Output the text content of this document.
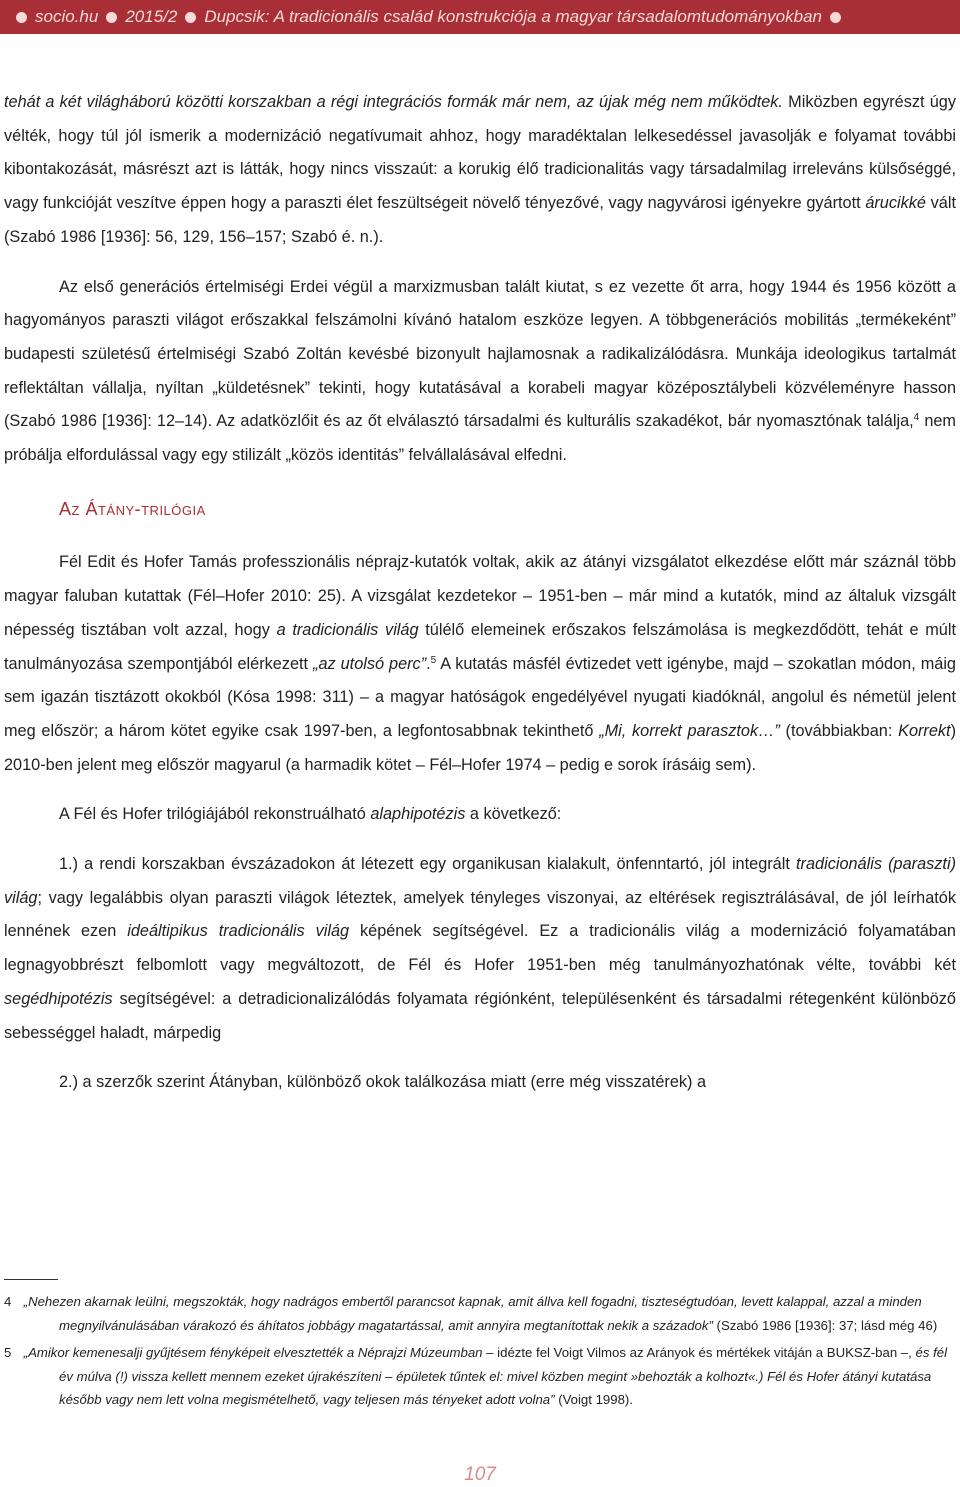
socio.hu 2015/2 Dupcsik: A tradicionális család konstrukciója a magyar társadalomtudományokban

tehát a két világháború közötti korszakban a régi integrációs formák már nem, az újak még nem működtek. Miközben egyrészt úgy vélték, hogy túl jól ismerik a modernizáció negatívumait ahhoz, hogy maradéktalan lelkesedéssel javasolják e folyamat további kibontakozását, másrészt azt is látták, hogy nincs visszaút: a korukig élő tradicionalitás vagy társadalmilag irreleváns külsőséggé, vagy funkcióját veszítve éppen hogy a paraszti élet feszültségeit növelő tényezővé, vagy nagyvárosi igényekre gyártott árucikké vált (Szabó 1986 [1936]: 56, 129, 156–157; Szabó é. n.).

Az első generációs értelmiségi Erdei végül a marxizmusban talált kiutat, s ez vezette őt arra, hogy 1944 és 1956 között a hagyományos paraszti világot erőszakkal felszámolni kívánó hatalom eszköze legyen. A többgenerációs mobilitás „termékeként” budapesti születésű értelmiségi Szabó Zoltán kevésbé bizonyult hajlamosnak a radikalizálódásra. Munkája ideologikus tartalmát reflektáltan vállalja, nyíltan „küldetésnek” tekinti, hogy kutatásával a korabeli magyar középosztálybeli közvéleményre hasson (Szabó 1986 [1936]: 12–14). Az adatközlőit és az őt elválasztó társadalmi és kulturális szakadékot, bár nyomasztónak találja,$^4$ nem próbálja elfordulással vagy egy stilizált „közös identitás” felvállalásával elfedni.

Az Átány-trilógia

Fél Edit és Hofer Tamás professzionális néprajz-kutatók voltak, akik az átányi vizsgálatot elkezdése előtt már száznál több magyar faluban kutattak (Fél–Hofer 2010: 25). A vizsgálat kezdetekor – 1951-ben – már mind a kutatók, mind az általuk vizsgált népesség tisztában volt azzal, hogy a tradicionális világ túlélő elemeinek erőszakos felszámolása is megkezdődött, tehát e múlt tanulmányozása szempontjából elérkezett „az utolsó perc”.$^5$ A kutatás másfél évtizedet vett igénybe, majd – szokatlan módon, máig sem igazán tisztázott okokból (Kósa 1998: 311) – a magyar hatóságok engedélyével nyugati kiadóknál, angolul és németül jelent meg először; a három kötet egyike csak 1997-ben, a legfontosabbnak tekinthető „Mi, korrekt parasztok…” (továbbiakban: Korrekt) 2010-ben jelent meg először magyarul (a harmadik kötet – Fél–Hofer 1974 – pedig e sorok írásáig sem).

A Fél és Hofer trilógiájából rekonstruálható alaphipotézis a következő:

1.) a rendi korszakban évszázadokon át létezett egy organikusan kialakult, önfenntartó, jól integrált tradicionális (paraszti) világ; vagy legalábbis olyan paraszti világok léteztek, amelyek tényleges viszonyai, az eltérések regisztrálásával, de jól leírhatók lennének ezen ideáltipikus tradicionális világ képének segítségével. Ez a tradicionális világ a modernizáció folyamatában legnagyobbrészt felbomlott vagy megváltozott, de Fél és Hofer 1951-ben még tanulmányozhatónak vélte, további két segédhipotézis segítségével: a detradicionalizálódás folyamata régiónként, településenként és társadalmi rétegenként különböző sebességgel haladt, márpedig

2.) a szerzők szerint Átányban, különböző okok találkozása miatt (erre még visszatérek) a

4 „Nehezen akarnak leülni, megszokták, hogy nadrágos embertől parancsot kapnak, amit állva kell fogadni, tiszteségtudóan, levett kalappal, azzal a minden megnyilvánulásában várakozó és áhítatos jobbágy magatartással, amit annyira megtanítottak nekik a századok” (Szabó 1986 [1936]: 37; lásd még 46)

5 „Amikor kemenesalji gyűjtésem fényképeit elvesztették a Néprajzi Múzeumban – idézte fel Voigt Vilmos az Arányok és mértékek vitáján a BUKSZ-ban –, és fél év múlva (!) vissza kellett mennem ezeket újrakészíteni – épületek tűntek el: mivel közben megint »behozták a kolhozt«.) Fél és Hofer átányi kutatása később vagy nem lett volna megismételhető, vagy teljesen más tényeket adott volna” (Voigt 1998).

107
